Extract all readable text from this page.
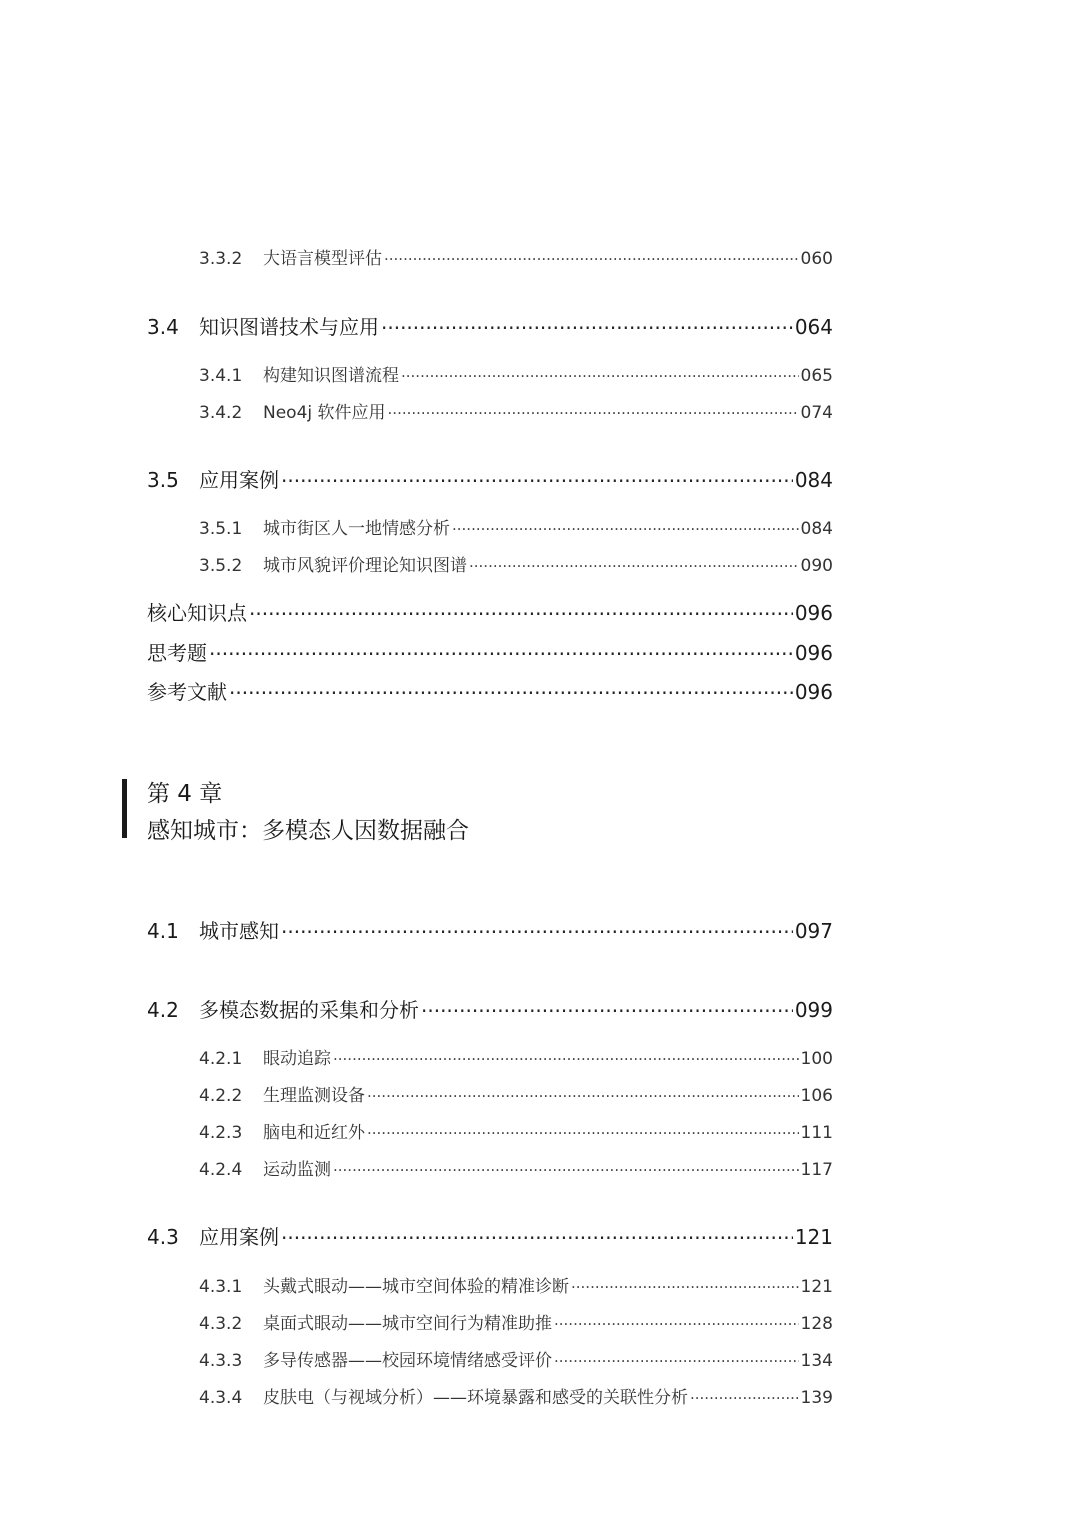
3.3.2	大语言模型评估 .....	060
3.4	知识图谱技术与应用 .....	064
3.4.1	构建知识图谱流程 .....	065
3.4.2	Neo4j 软件应用 .....	074
3.5	应用案例 .....	084
3.5.1	城市街区人一地情感分析 .....	084
3.5.2	城市风貌评价理论知识图谱 .....	090
核心知识点 .....	096
思考题 .....	096
参考文献 .....	096
第 4 章
感知城市：多模态人因数据融合
4.1	城市感知 .....	097
4.2	多模态数据的采集和分析 .....	099
4.2.1	眼动追踪 .....	100
4.2.2	生理监测设备 .....	106
4.2.3	脑电和近红外 .....	111
4.2.4	运动监测 .....	117
4.3	应用案例 .....	121
4.3.1	头戴式眼动——城市空间体验的精准诊断 .....	121
4.3.2	桌面式眼动——城市空间行为精准助推 .....	128
4.3.3	多导传感器——校园环境情绪感受评价 .....	134
4.3.4	皮肤电（与视域分析）——环境暴露和感受的关联性分析 .....	139
